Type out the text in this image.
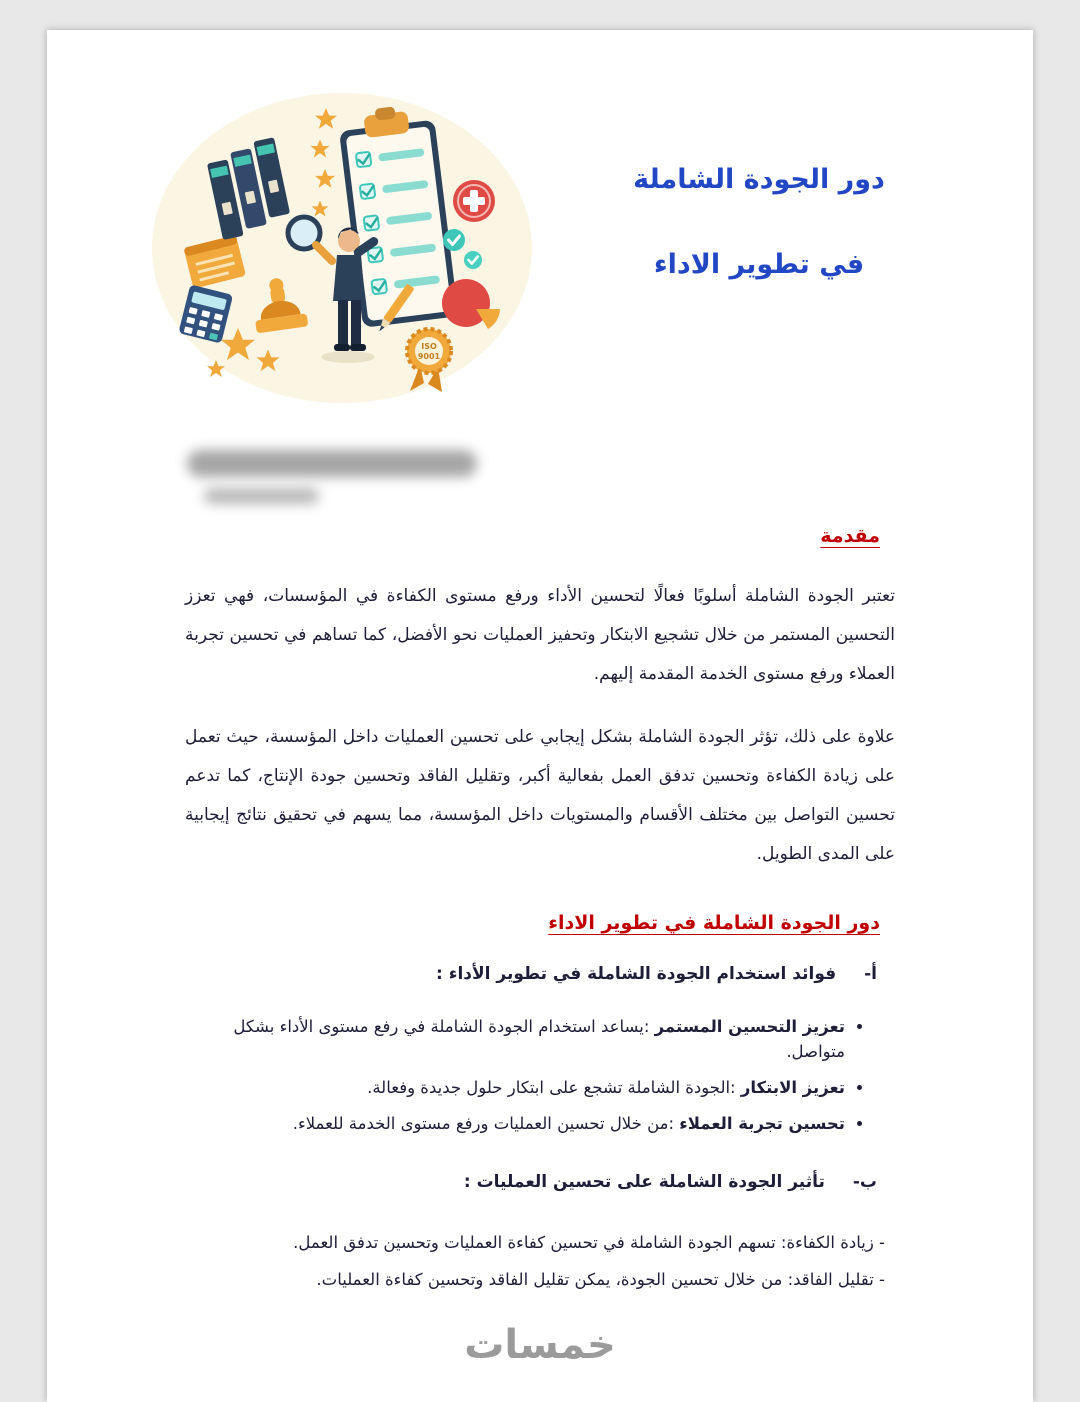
ISO
9001
دور الجودة الشاملة
في تطوير الاداء
مقدمة

تعتبر الجودة الشاملة أسلوبًا فعالًا لتحسين الأداء ورفع مستوى الكفاءة في المؤسسات، فهي تعزز التحسين المستمر من خلال تشجيع الابتكار وتحفيز العمليات نحو الأفضل، كما تساهم في تحسين تجربة العملاء ورفع مستوى الخدمة المقدمة إليهم.

علاوة على ذلك، تؤثر الجودة الشاملة بشكل إيجابي على تحسين العمليات داخل المؤسسة، حيث تعمل على زيادة الكفاءة وتحسين تدفق العمل بفعالية أكبر، وتقليل الفاقد وتحسين جودة الإنتاج، كما تدعم تحسين التواصل بين مختلف الأقسام والمستويات داخل المؤسسة، مما يسهم في تحقيق نتائج إيجابية على المدى الطويل.

دور الجودة الشاملة في تطوير الاداء

أ-فوائد استخدام الجودة الشاملة في تطوير الأداء :

• تعزيز التحسين المستمر :يساعد استخدام الجودة الشاملة في رفع مستوى الأداء بشكل متواصل.
• تعزيز الابتكار :الجودة الشاملة تشجع على ابتكار حلول جديدة وفعالة.
• تحسين تجربة العملاء :من خلال تحسين العمليات ورفع مستوى الخدمة للعملاء.

ب-تأثير الجودة الشاملة على تحسين العمليات :

- زيادة الكفاءة: تسهم الجودة الشاملة في تحسين كفاءة العمليات وتحسين تدفق العمل.

- تقليل الفاقد: من خلال تحسين الجودة، يمكن تقليل الفاقد وتحسين كفاءة العمليات.

خمسات
